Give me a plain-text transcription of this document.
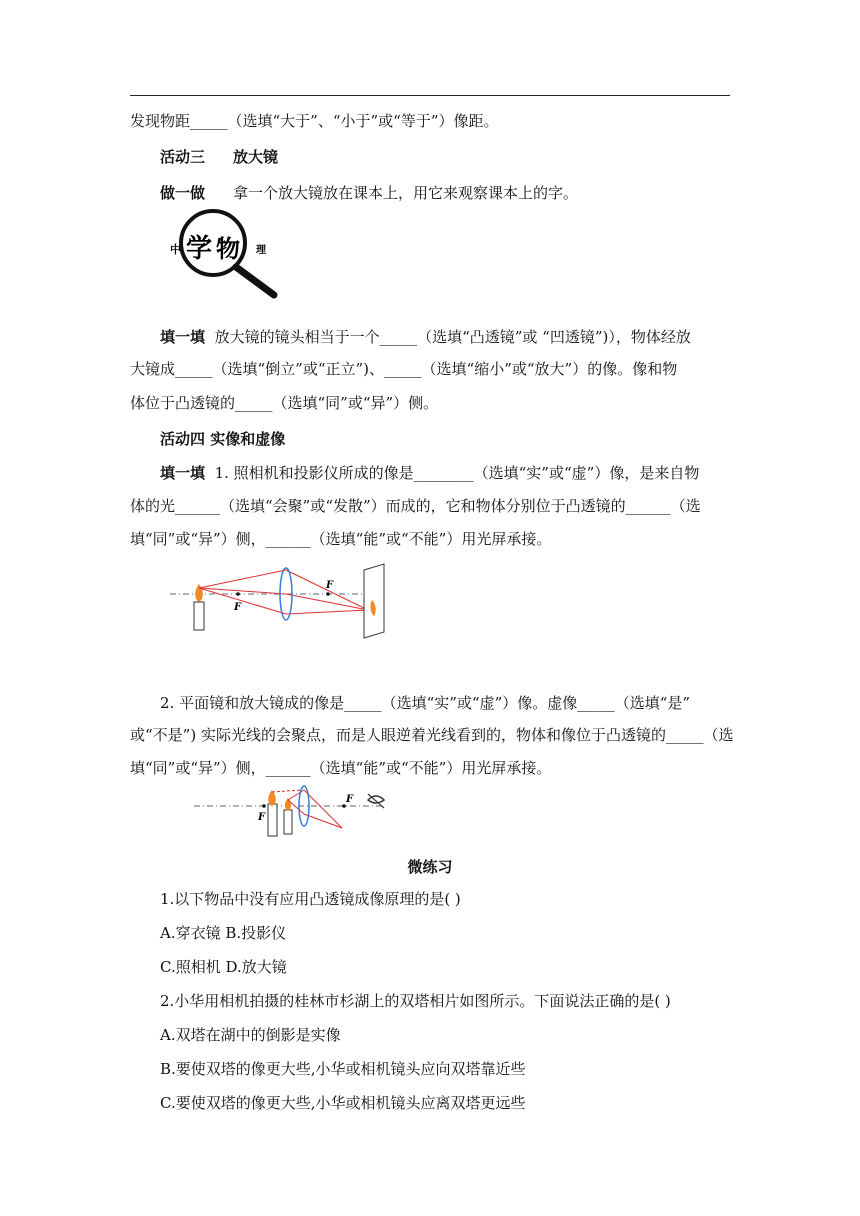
发现物距_____（选填“大于”、“小于”或“等于”）像距。
活动三 放大镜
做一做 拿一个放大镜放在课本上，用它来观察课本上的字。
中 学 物 理
填一填 放大镜的镜头相当于一个_____（选填“凸透镜”或 “凹透镜”)），物体经放
大镜成_____（选填“倒立”或“正立”)、_____（选填“缩小”或“放大”）的像。像和物
体位于凸透镜的_____（选填“同”或“异”）侧。
活动四 实像和虚像
填一填 1. 照相机和投影仪所成的像是________（选填“实”或“虚”）像，是来自物
体的光______（选填“会聚”或“发散”）而成的，它和物体分别位于凸透镜的______（选
填“同”或“异”）侧，______（选填“能”或“不能”）用光屏承接。
F
F
2. 平面镜和放大镜成的像是_____（选填“实”或“虚”）像。虚像_____（选填“是”
或“不是”) 实际光线的会聚点，而是人眼逆着光线看到的，物体和像位于凸透镜的_____（选
填“同”或“异”）侧，______（选填“能”或“不能”）用光屏承接。
F
F
微练习
1.以下物品中没有应用凸透镜成像原理的是( )
A.穿衣镜 B.投影仪
C.照相机 D.放大镜
2.小华用相机拍摄的桂林市杉湖上的双塔相片如图所示。下面说法正确的是( )
A.双塔在湖中的倒影是实像
B.要使双塔的像更大些,小华或相机镜头应向双塔靠近些
C.要使双塔的像更大些,小华或相机镜头应离双塔更远些
